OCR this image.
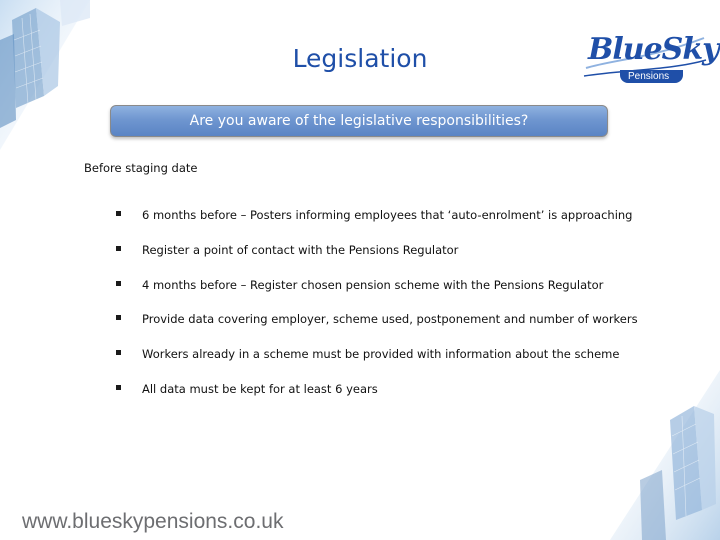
Legislation	BlueSky
Pensions
Are you aware of the legislative responsibilities?
Before staging date
6 months before – Posters informing employees that ‘auto-enrolment’ is approaching
Register a point of contact with the Pensions Regulator
4 months before – Register chosen pension scheme with the Pensions Regulator
Provide data covering employer, scheme used, postponement and number of workers
Workers already in a scheme must be provided with information about the scheme
All data must be kept for at least 6 years
www.blueskypensions.co.uk
